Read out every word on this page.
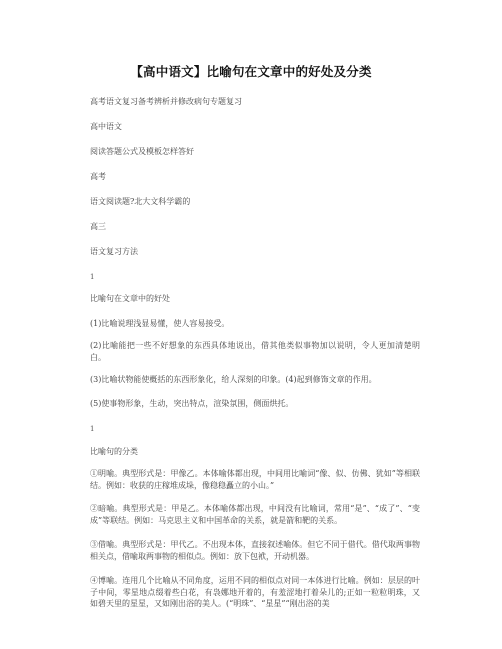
【高中语文】比喻句在文章中的好处及分类
高考语文复习备考辨析并修改病句专题复习
高中语文
阅读答题公式及模板怎样答好
高考
语文阅读题?北大文科学霸的
高三
语文复习方法
1
比喻句在文章中的好处
(1)比喻说理浅显易懂，使人容易接受。
(2)比喻能把一些不好想象的东西具体地说出，借其他类似事物加以说明，令人更加清楚明白。
(3)比喻状物能使概括的东西形象化，给人深刻的印象。(4)起到修饰文章的作用。
(5)使事物形象，生动，突出特点，渲染氛围，侧面烘托。
1
比喻句的分类
①明喻。典型形式是：甲像乙。本体喻体都出现，中间用比喻词“像、似、仿佛、犹如”等相联结。例如：收获的庄稼堆成垛，像稳稳矗立的小山。”
②暗喻。典型形式是：甲是乙。本体喻体都出现，中间没有比喻词，常用“是”、“成了”、“变成”等联结。例如：马克思主义和中国革命的关系，就是箭和靶的关系。
③借喻。典型形式是：甲代乙。不出现本体，直接叙述喻体。但它不同于借代。借代取两事物相关点，借喻取两事物的相似点。例如：放下包袱，开动机器。
④博喻。连用几个比喻从不同角度，运用不同的相似点对同一本体进行比喻。例如：层层的叶子中间，零星地点缀着些白花，有袅娜地开着的，有羞涩地打着朵儿的;正如一粒粒明珠，又如碧天里的星星，又如刚出浴的美人。(“明珠”、“星星”“刚出浴的美
